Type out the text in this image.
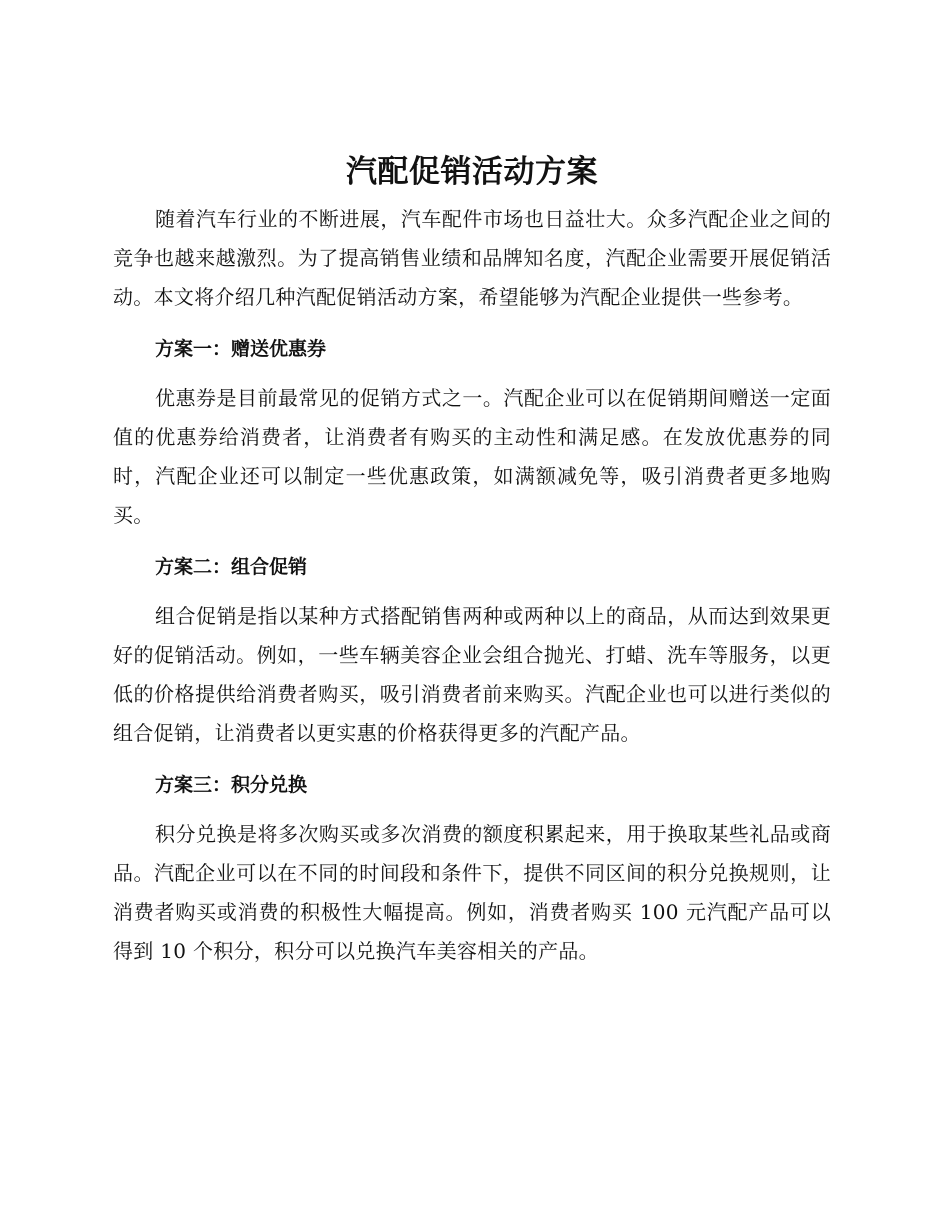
汽配促销活动方案

随着汽车行业的不断进展，汽车配件市场也日益壮大。众多汽配企业之间的竞争也越来越激烈。为了提高销售业绩和品牌知名度，汽配企业需要开展促销活动。本文将介绍几种汽配促销活动方案，希望能够为汽配企业提供一些参考。

方案一：赠送优惠券

优惠券是目前最常见的促销方式之一。汽配企业可以在促销期间赠送一定面值的优惠券给消费者，让消费者有购买的主动性和满足感。在发放优惠券的同时，汽配企业还可以制定一些优惠政策，如满额减免等，吸引消费者更多地购买。

方案二：组合促销

组合促销是指以某种方式搭配销售两种或两种以上的商品，从而达到效果更好的促销活动。例如，一些车辆美容企业会组合抛光、打蜡、洗车等服务，以更低的价格提供给消费者购买，吸引消费者前来购买。汽配企业也可以进行类似的组合促销，让消费者以更实惠的价格获得更多的汽配产品。

方案三：积分兑换

积分兑换是将多次购买或多次消费的额度积累起来，用于换取某些礼品或商品。汽配企业可以在不同的时间段和条件下，提供不同区间的积分兑换规则，让消费者购买或消费的积极性大幅提高。例如，消费者购买 100 元汽配产品可以得到 10 个积分，积分可以兑换汽车美容相关的产品。
